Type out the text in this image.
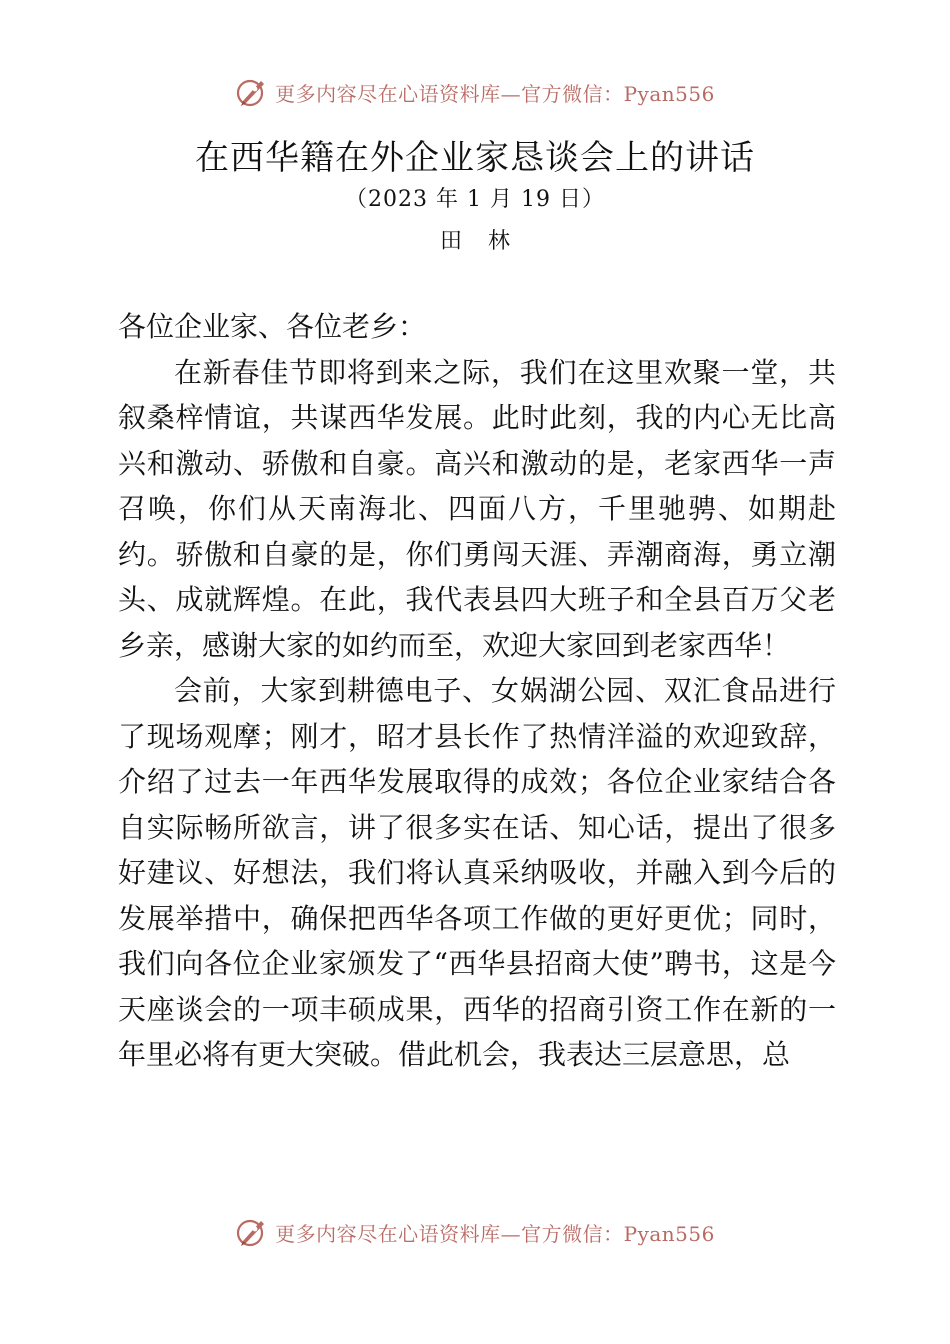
更多内容尽在心语资料库—官方微信：Pyan556
在西华籍在外企业家恳谈会上的讲话
（2023 年 1 月 19 日）
田林

各位企业家、各位老乡：

在新春佳节即将到来之际，我们在这里欢聚一堂，共叙桑梓情谊，共谋西华发展。此时此刻，我的内心无比高兴和激动、骄傲和自豪。高兴和激动的是，老家西华一声召唤，你们从天南海北、四面八方，千里驰骋、如期赴约。骄傲和自豪的是，你们勇闯天涯、弄潮商海，勇立潮头、成就辉煌。在此，我代表县四大班子和全县百万父老乡亲，感谢大家的如约而至，欢迎大家回到老家西华！

会前，大家到耕德电子、女娲湖公园、双汇食品进行了现场观摩；刚才，昭才县长作了热情洋溢的欢迎致辞，介绍了过去一年西华发展取得的成效；各位企业家结合各自实际畅所欲言，讲了很多实在话、知心话，提出了很多好建议、好想法，我们将认真采纳吸收，并融入到今后的发展举措中，确保把西华各项工作做的更好更优；同时，我们向各位企业家颁发了“西华县招商大使”聘书，这是今天座谈会的一项丰硕成果，西华的招商引资工作在新的一年里必将有更大突破。借此机会，我表达三层意思，总

更多内容尽在心语资料库—官方微信：Pyan556
